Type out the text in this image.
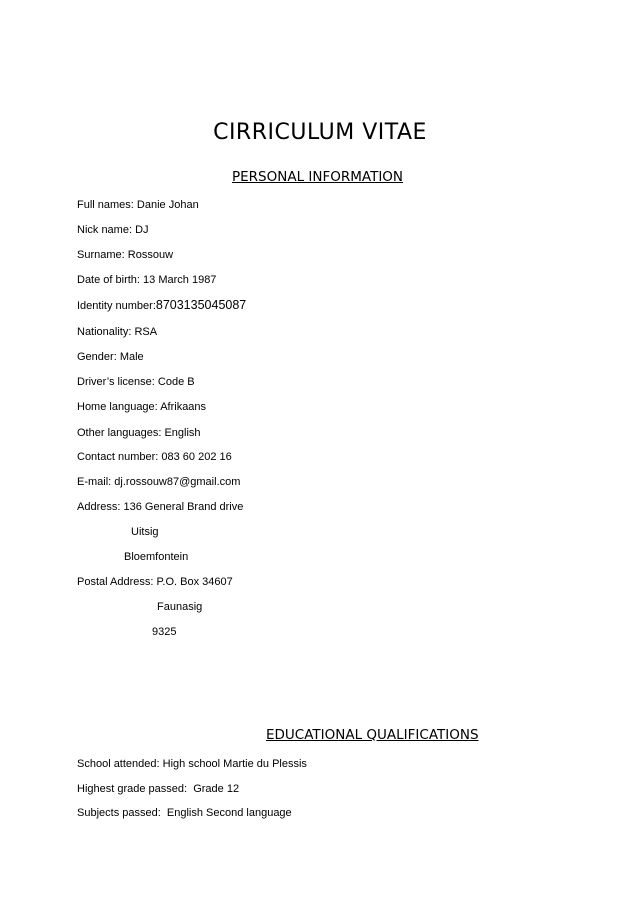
CIRRICULUM VITAE
PERSONAL INFORMATION

Full names: Danie Johan

Nick name: DJ

Surname: Rossouw

Date of birth: 13 March 1987

Identity number:8703135045087

Nationality: RSA

Gender: Male

Driver’s license: Code B

Home language: Afrikaans

Other languages: English

Contact number: 083 60 202 16

E-mail: dj.rossouw87@gmail.com

Address: 136 General Brand drive

Uitsig

Bloemfontein

Postal Address: P.O. Box 34607

Faunasig

9325

EDUCATIONAL QUALIFICATIONS

School attended: High school Martie du Plessis

Highest grade passed: Grade 12

Subjects passed: English Second language
